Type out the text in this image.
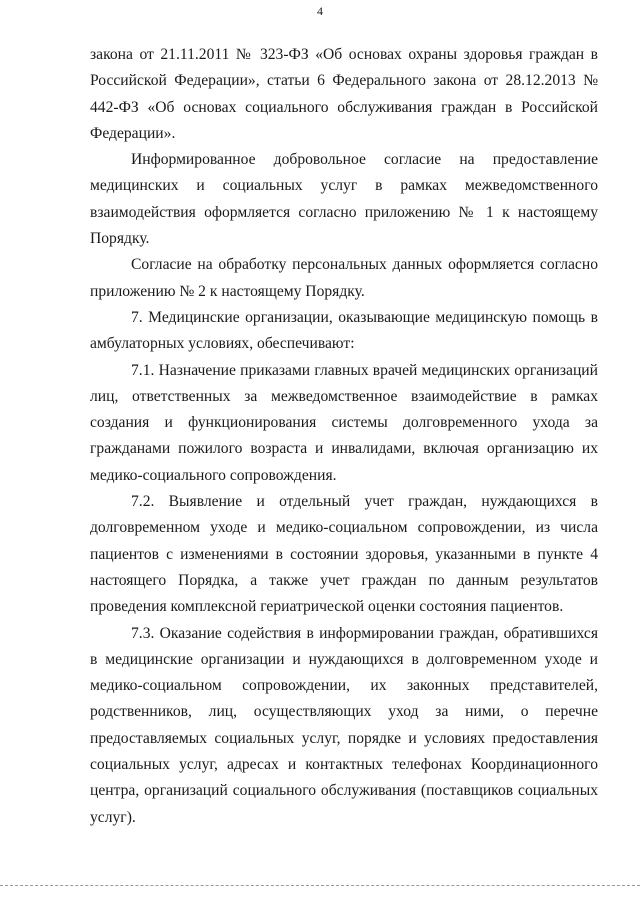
4

закона от 21.11.2011 № 323-ФЗ «Об основах охраны здоровья граждан в Российской Федерации», статьи 6 Федерального закона от 28.12.2013 № 442-ФЗ «Об основах социального обслуживания граждан в Российской Федерации».

Информированное добровольное согласие на предоставление медицинских и социальных услуг в рамках межведомственного взаимодействия оформляется согласно приложению № 1 к настоящему Порядку.

Согласие на обработку персональных данных оформляется согласно приложению № 2 к настоящему Порядку.

7. Медицинские организации, оказывающие медицинскую помощь в амбулаторных условиях, обеспечивают:

7.1. Назначение приказами главных врачей медицинских организаций лиц, ответственных за межведомственное взаимодействие в рамках создания и функционирования системы долговременного ухода за гражданами пожилого возраста и инвалидами, включая организацию их медико-социального сопровождения.

7.2. Выявление и отдельный учет граждан, нуждающихся в долговременном уходе и медико-социальном сопровождении, из числа пациентов с изменениями в состоянии здоровья, указанными в пункте 4 настоящего Порядка, а также учет граждан по данным результатов проведения комплексной гериатрической оценки состояния пациентов.

7.3. Оказание содействия в информировании граждан, обратившихся в медицинские организации и нуждающихся в долговременном уходе и медико-социальном сопровождении, их законных представителей, родственников, лиц, осуществляющих уход за ними, о перечне предоставляемых социальных услуг, порядке и условиях предоставления социальных услуг, адресах и контактных телефонах Координационного центра, организаций социального обслуживания (поставщиков социальных услуг).
